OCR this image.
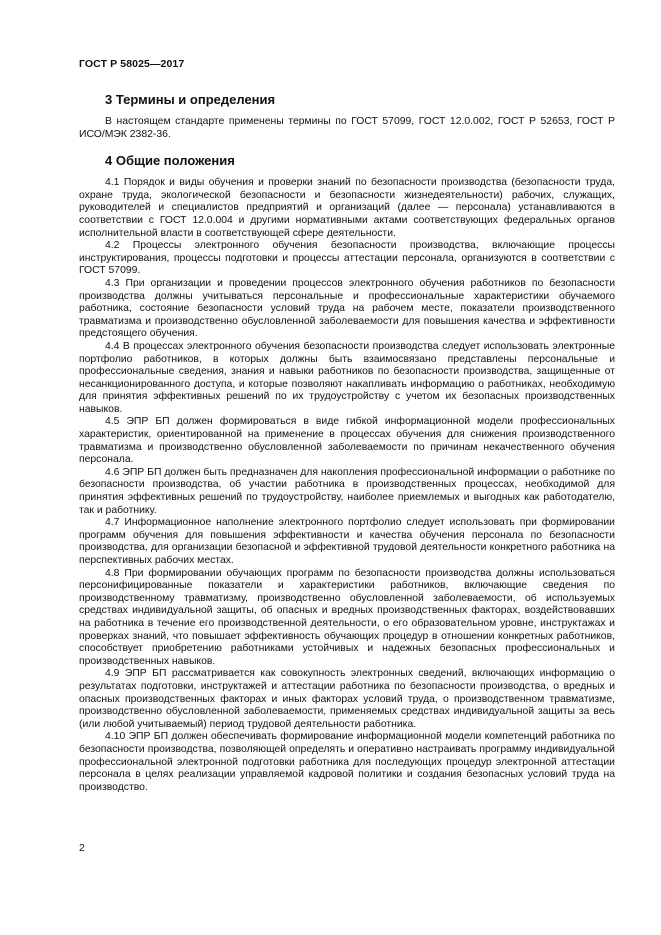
ГОСТ Р 58025—2017
3 Термины и определения

В настоящем стандарте применены термины по ГОСТ 57099, ГОСТ 12.0.002, ГОСТ Р 52653, ГОСТ Р ИСО/МЭК 2382-36.

4 Общие положения

4.1 Порядок и виды обучения и проверки знаний по безопасности производства (безопасности труда, охране труда, экологической безопасности и безопасности жизнедеятельности) рабочих, служащих, руководителей и специалистов предприятий и организаций (далее — персонала) устанавливаются в соответствии с ГОСТ 12.0.004 и другими нормативными актами соответствующих федеральных органов исполнительной власти в соответствующей сфере деятельности.

4.2 Процессы электронного обучения безопасности производства, включающие процессы инструктирования, процессы подготовки и процессы аттестации персонала, организуются в соответствии с ГОСТ 57099.

4.3 При организации и проведении процессов электронного обучения работников по безопасности производства должны учитываться персональные и профессиональные характеристики обучаемого работника, состояние безопасности условий труда на рабочем месте, показатели производственного травматизма и производственно обусловленной заболеваемости для повышения качества и эффективности предстоящего обучения.

4.4 В процессах электронного обучения безопасности производства следует использовать электронные портфолио работников, в которых должны быть взаимосвязано представлены персональные и профессиональные сведения, знания и навыки работников по безопасности производства, защищенные от несанкционированного доступа, и которые позволяют накапливать информацию о работниках, необходимую для принятия эффективных решений по их трудоустройству с учетом их безопасных производственных навыков.

4.5 ЭПР БП должен формироваться в виде гибкой информационной модели профессиональных характеристик, ориентированной на применение в процессах обучения для снижения производственного травматизма и производственно обусловленной заболеваемости по причинам некачественного обучения персонала.

4.6 ЭПР БП должен быть предназначен для накопления профессиональной информации о работнике по безопасности производства, об участии работника в производственных процессах, необходимой для принятия эффективных решений по трудоустройству, наиболее приемлемых и выгодных как работодателю, так и работнику.

4.7 Информационное наполнение электронного портфолио следует использовать при формировании программ обучения для повышения эффективности и качества обучения персонала по безопасности производства, для организации безопасной и эффективной трудовой деятельности конкретного работника на перспективных рабочих местах.

4.8 При формировании обучающих программ по безопасности производства должны использоваться персонифицированные показатели и характеристики работников, включающие сведения по производственному травматизму, производственно обусловленной заболеваемости, об используемых средствах индивидуальной защиты, об опасных и вредных производственных факторах, воздействовавших на работника в течение его производственной деятельности, о его образовательном уровне, инструктажах и проверках знаний, что повышает эффективность обучающих процедур в отношении конкретных работников, способствует приобретению работниками устойчивых и надежных безопасных профессиональных и производственных навыков.

4.9 ЭПР БП рассматривается как совокупность электронных сведений, включающих информацию о результатах подготовки, инструктажей и аттестации работника по безопасности производства, о вредных и опасных производственных факторах и иных факторах условий труда, о производственном травматизме, производственно обусловленной заболеваемости, применяемых средствах индивидуальной защиты за весь (или любой учитываемый) период трудовой деятельности работника.

4.10 ЭПР БП должен обеспечивать формирование информационной модели компетенций работника по безопасности производства, позволяющей определять и оперативно настраивать программу индивидуальной профессиональной электронной подготовки работника для последующих процедур электронной аттестации персонала в целях реализации управляемой кадровой политики и создания безопасных условий труда на производство.

2
